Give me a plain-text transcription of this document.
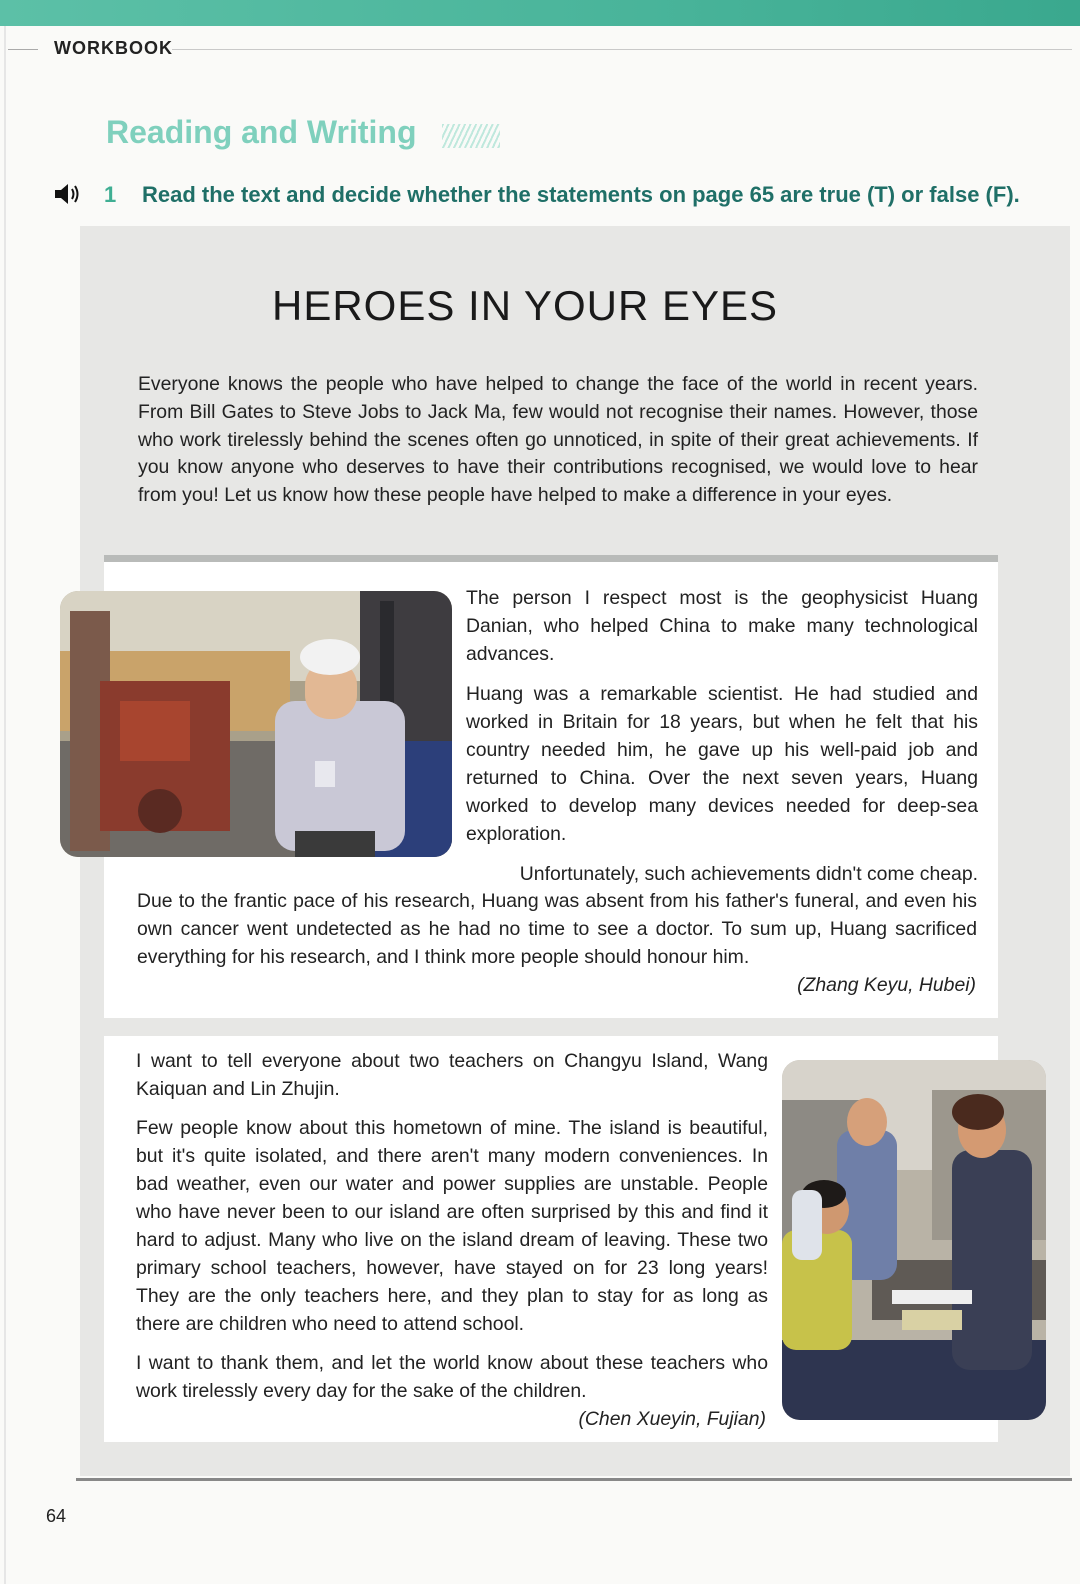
WORKBOOK
Reading and Writing
1 Read the text and decide whether the statements on page 65 are true (T) or false (F).
HEROES IN YOUR EYES

Everyone knows the people who have helped to change the face of the world in recent years. From Bill Gates to Steve Jobs to Jack Ma, few would not recognise their names. However, those who work tirelessly behind the scenes often go unnoticed, in spite of their great achievements. If you know anyone who deserves to have their contributions recognised, we would love to hear from you! Let us know how these people have helped to make a difference in your eyes.

The person I respect most is the geophysicist Huang Danian, who helped China to make many technological advances.

Huang was a remarkable scientist. He had studied and worked in Britain for 18 years, but when he felt that his country needed him, he gave up his well-paid job and returned to China. Over the next seven years, Huang worked to develop many devices needed for deep-sea exploration.

Unfortunately, such achievements didn't come cheap.

Due to the frantic pace of his research, Huang was absent from his father's funeral, and even his own cancer went undetected as he had no time to see a doctor. To sum up, Huang sacrificed everything for his research, and I think more people should honour him.

(Zhang Keyu, Hubei)

I want to tell everyone about two teachers on Changyu Island, Wang Kaiquan and Lin Zhujin.

Few people know about this hometown of mine. The island is beautiful, but it's quite isolated, and there aren't many modern conveniences. In bad weather, even our water and power supplies are unstable. People who have never been to our island are often surprised by this and find it hard to adjust. Many who live on the island dream of leaving. These two primary school teachers, however, have stayed on for 23 long years! They are the only teachers here, and they plan to stay for as long as there are children who need to attend school.

I want to thank them, and let the world know about these teachers who work tirelessly every day for the sake of the children.

(Chen Xueyin, Fujian)
64
